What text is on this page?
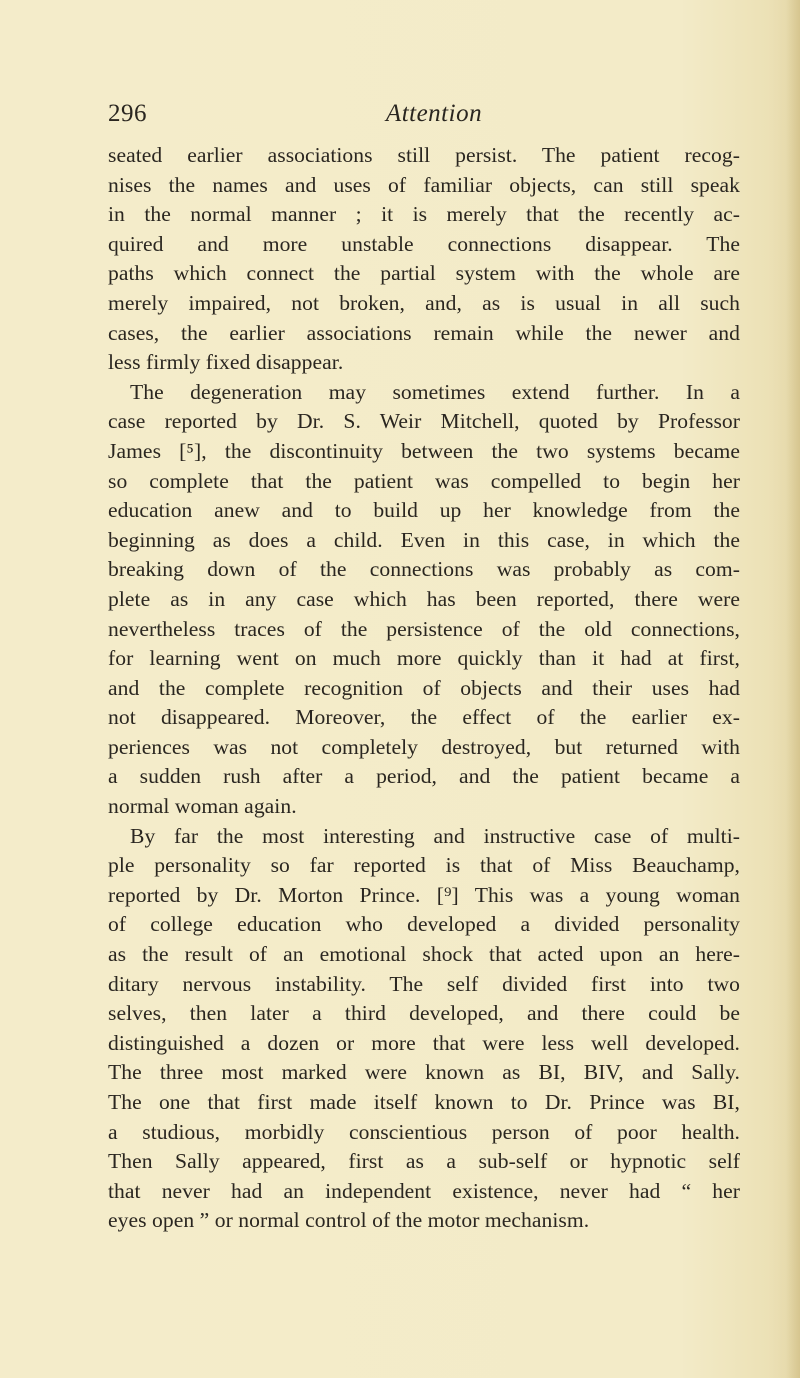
296	Attention
seated earlier associations still persist. The patient recog-
nises the names and uses of familiar objects, can still speak
in the normal manner ; it is merely that the recently ac-
quired and more unstable connections disappear. The
paths which connect the partial system with the whole are
merely impaired, not broken, and, as is usual in all such
cases, the earlier associations remain while the newer and
less firmly fixed disappear.
The degeneration may sometimes extend further. In a
case reported by Dr. S. Weir Mitchell, quoted by Professor
James [⁵], the discontinuity between the two systems became
so complete that the patient was compelled to begin her
education anew and to build up her knowledge from the
beginning as does a child. Even in this case, in which the
breaking down of the connections was probably as com-
plete as in any case which has been reported, there were
nevertheless traces of the persistence of the old connections,
for learning went on much more quickly than it had at first,
and the complete recognition of objects and their uses had
not disappeared. Moreover, the effect of the earlier ex-
periences was not completely destroyed, but returned with
a sudden rush after a period, and the patient became a
normal woman again.
By far the most interesting and instructive case of multi-
ple personality so far reported is that of Miss Beauchamp,
reported by Dr. Morton Prince. [⁹] This was a young woman
of college education who developed a divided personality
as the result of an emotional shock that acted upon an here-
ditary nervous instability. The self divided first into two
selves, then later a third developed, and there could be
distinguished a dozen or more that were less well developed.
The three most marked were known as BI, BIV, and Sally.
The one that first made itself known to Dr. Prince was BI,
a studious, morbidly conscientious person of poor health.
Then Sally appeared, first as a sub-self or hypnotic self
that never had an independent existence, never had “ her
eyes open ” or normal control of the motor mechanism.
